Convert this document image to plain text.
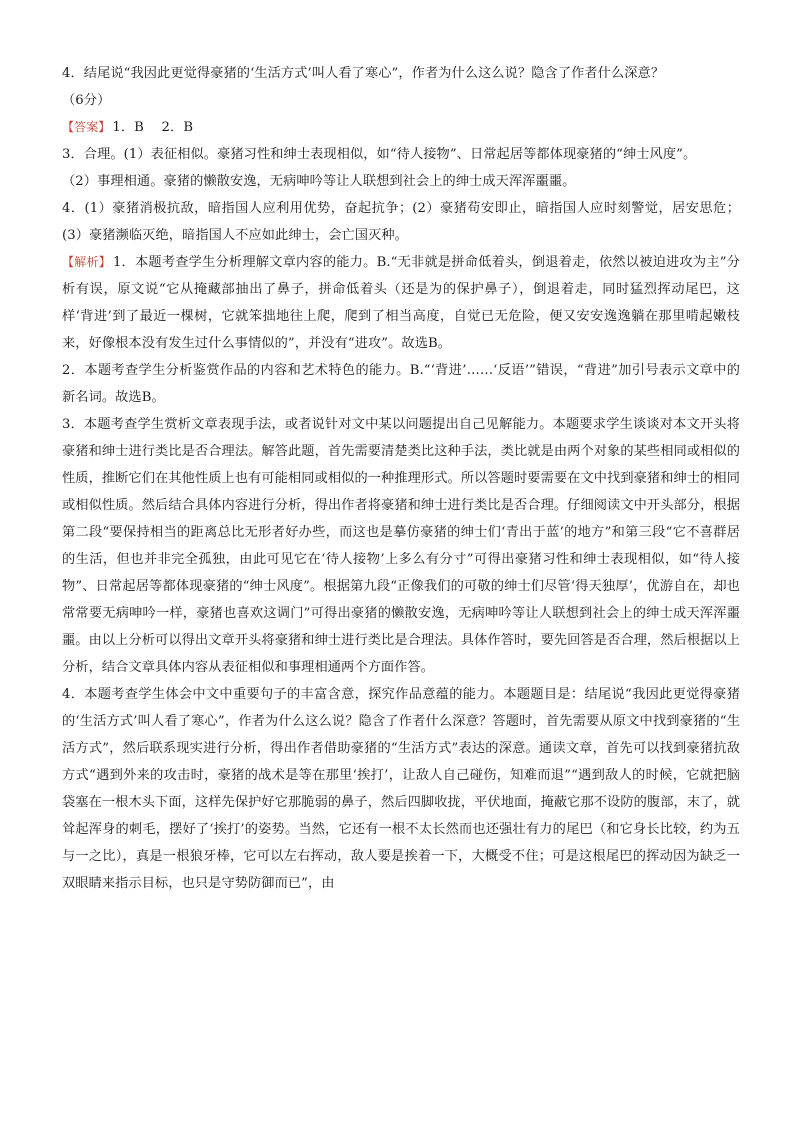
4．结尾说“我因此更觉得豪猪的‘生活方式’叫人看了寒心”，作者为什么这么说？隐含了作者什么深意？
（6分）

【答案】 1．B　 2．B

3．合理。(1）表征相似。豪猪习性和绅士表现相似，如“待人接物”、日常起居等都体现豪猪的“绅士风度”。
（2）事理相通。豪猪的懒散安逸，无病呻吟等让人联想到社会上的绅士成天浑浑噩噩。

4．(1）豪猪消极抗敌，暗指国人应利用优势，奋起抗争；(2）豪猪苟安即止，暗指国人应时刻警觉，居安思危；(3）豪猪濒临灭绝，暗指国人不应如此绅士，会亡国灭种。

【解析】 1．本题考查学生分析理解文章内容的能力。B.“无非就是拼命低着头，倒退着走，依然以被迫进攻为主”分析有误，原文说“它从掩藏部抽出了鼻子，拼命低着头（还是为的保护鼻子），倒退着走，同时猛烈挥动尾巴，这样‘背进’到了最近一棵树，它就笨拙地往上爬，爬到了相当高度，自觉已无危险，便又安安逸逸躺在那里啃起嫩枝来，好像根本没有发生过什么事情似的”，并没有“进攻”。故选B。

2．本题考查学生分析鉴赏作品的内容和艺术特色的能力。B.“‘背进’……‘反语’”错误，“背进”加引号表示文章中的新名词。故选B。

3．本题考查学生赏析文章表现手法，或者说针对文中某以问题提出自己见解能力。本题要求学生谈谈对本文开头将豪猪和绅士进行类比是否合理法。解答此题，首先需要清楚类比这种手法，类比就是由两个对象的某些相同或相似的性质，推断它们在其他性质上也有可能相同或相似的一种推理形式。所以答题时要需要在文中找到豪猪和绅士的相同或相似性质。然后结合具体内容进行分析，得出作者将豪猪和绅士进行类比是否合理。仔细阅读文中开头部分，根据第二段“要保持相当的距离总比无形者好办些，而这也是摹仿豪猪的绅士们‘青出于蓝’的地方”和第三段“它不喜群居的生活，但也并非完全孤独，由此可见它在‘待人接物’上多么有分寸”可得出豪猪习性和绅士表现相似，如“待人接物”、日常起居等都体现豪猪的“绅士风度”。根据第九段“正像我们的可敬的绅士们尽管‘得天独厚’，优游自在，却也常常要无病呻吟一样，豪猪也喜欢这调门”可得出豪猪的懒散安逸，无病呻吟等让人联想到社会上的绅士成天浑浑噩噩。由以上分析可以得出文章开头将豪猪和绅士进行类比是合理法。具体作答时，要先回答是否合理，然后根据以上分析，结合文章具体内容从表征相似和事理相通两个方面作答。

4．本题考查学生体会中文中重要句子的丰富含意，探究作品意蕴的能力。本题题目是：结尾说“我因此更觉得豪猪的‘生活方式’叫人看了寒心”，作者为什么这么说？隐含了作者什么深意？答题时，首先需要从原文中找到豪猪的“生活方式”，然后联系现实进行分析，得出作者借助豪猪的“生活方式”表达的深意。通读文章，首先可以找到豪猪抗敌方式“遇到外来的攻击时，豪猪的战术是等在那里‘挨打’，让敌人自己碰伤，知难而退”“遇到敌人的时候，它就把脑袋塞在一根木头下面，这样先保护好它那脆弱的鼻子，然后四脚收拢，平伏地面，掩蔽它那不设防的腹部，末了，就耸起浑身的刺毛，摆好了‘挨打’的姿势。当然，它还有一根不太长然而也还强壮有力的尾巴（和它身长比较，约为五与一之比），真是一根狼牙棒，它可以左右挥动，敌人要是挨着一下，大概受不住；可是这根尾巴的挥动因为缺乏一双眼睛来指示目标，也只是守势防御而已”，由
